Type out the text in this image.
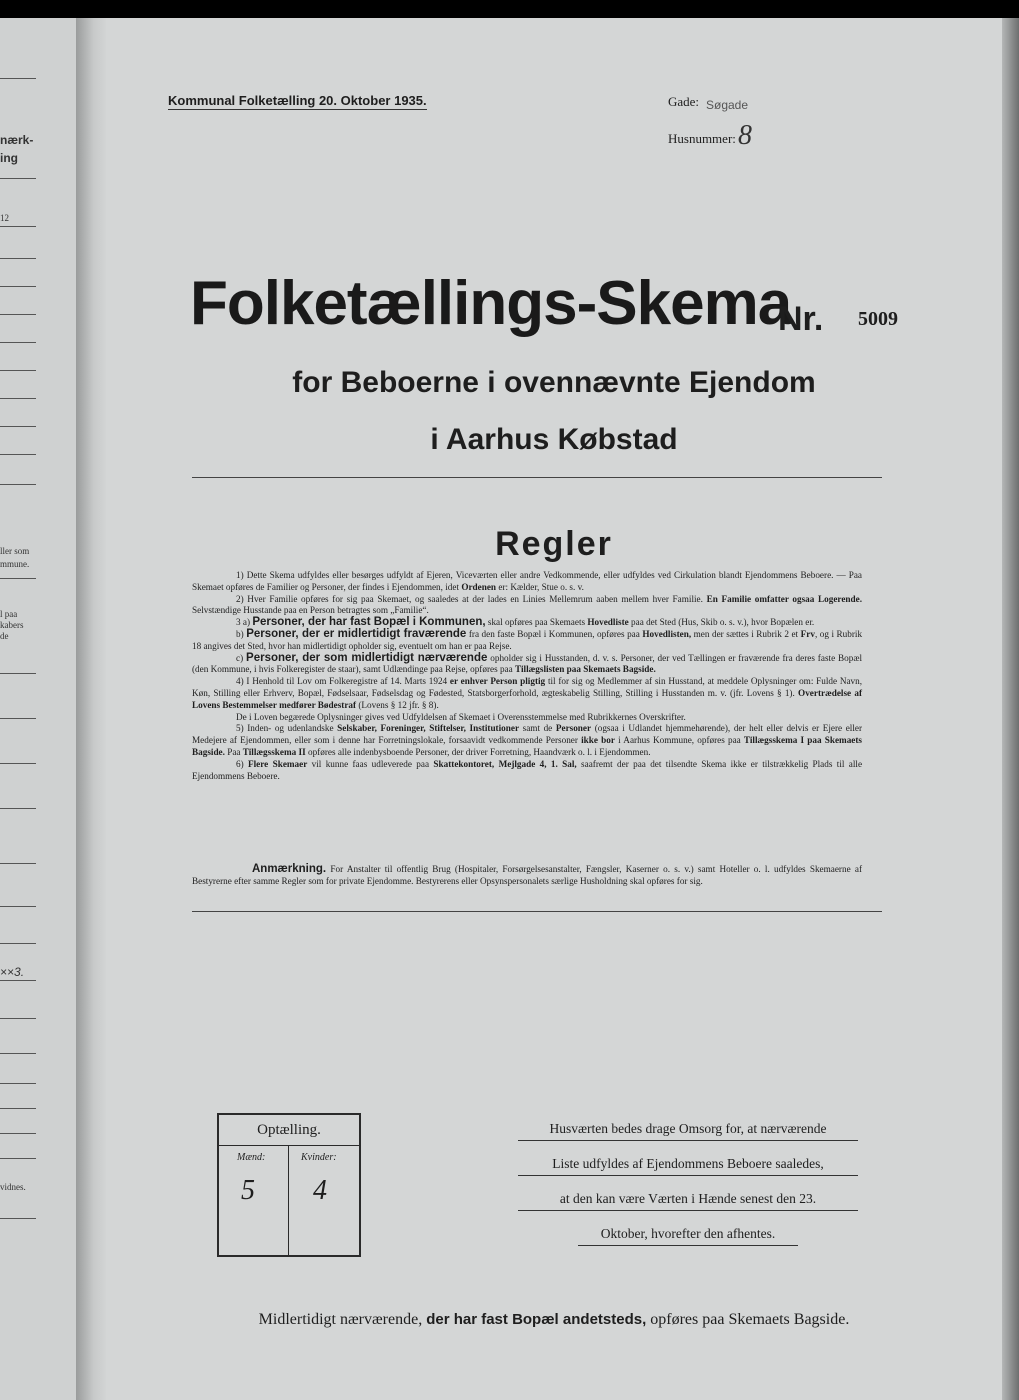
nærk-
ing
12
ller som
mmune.
l paa
kabers
de
××3.
vidnes.
Kommunal Folketælling 20. Oktober 1935.	Gade: Søgade
Husnummer: 8
Folketællings-Skema
Nr. 5009
for Beboerne i ovennævnte Ejendom
i Aarhus Købstad
Regler

1) Dette Skema udfyldes eller besørges udfyldt af Ejeren, Viceværten eller andre Vedkommende, eller udfyldes ved Cirkulation blandt Ejendommens Beboere. — Paa Skemaet opføres de Familier og Personer, der findes i Ejendommen, idet Ordenen er: Kælder, Stue o. s. v.

2) Hver Familie opføres for sig paa Skemaet, og saaledes at der lades en Linies Mellemrum aaben mellem hver Familie. En Familie omfatter ogsaa Logerende. Selvstændige Husstande paa en Person betragtes som „Familie“.

3 a) Personer, der har fast Bopæl i Kommunen, skal opføres paa Skemaets Hovedliste paa det Sted (Hus, Skib o. s. v.), hvor Bopælen er.

b) Personer, der er midlertidigt fraværende fra den faste Bopæl i Kommunen, opføres paa Hovedlisten, men der sættes i Rubrik 2 et Frv, og i Rubrik 18 angives det Sted, hvor han midlertidigt opholder sig, eventuelt om han er paa Rejse.

c) Personer, der som midlertidigt nærværende opholder sig i Husstanden, d. v. s. Personer, der ved Tællingen er fraværende fra deres faste Bopæl (den Kommune, i hvis Folkeregister de staar), samt Udlændinge paa Rejse, opføres paa Tillægslisten paa Skemaets Bagside.

4) I Henhold til Lov om Folkeregistre af 14. Marts 1924 er enhver Person pligtig til for sig og Medlemmer af sin Husstand, at meddele Oplysninger om: Fulde Navn, Køn, Stilling eller Erhverv, Bopæl, Fødselsaar, Fødselsdag og Fødested, Statsborgerforhold, ægteskabelig Stilling, Stilling i Husstanden m. v. (jfr. Lovens § 1). Overtrædelse af Lovens Bestemmelser medfører Bødestraf (Lovens § 12 jfr. § 8).

De i Loven begærede Oplysninger gives ved Udfyldelsen af Skemaet i Overensstemmelse med Rubrikkernes Overskrifter.

5) Inden- og udenlandske Selskaber, Foreninger, Stiftelser, Institutioner samt de Personer (ogsaa i Udlandet hjemmehørende), der helt eller delvis er Ejere eller Medejere af Ejendommen, eller som i denne har Forretningslokale, forsaavidt vedkommende Personer ikke bor i Aarhus Kommune, opføres paa Tillægsskema I paa Skemaets Bagside. Paa Tillægsskema II opføres alle indenbysboende Personer, der driver Forretning, Haandværk o. l. i Ejendommen.

6) Flere Skemaer vil kunne faas udleverede paa Skattekontoret, Mejlgade 4, 1. Sal, saafremt der paa det tilsendte Skema ikke er tilstrækkelig Plads til alle Ejendommens Beboere.

Anmærkning. For Anstalter til offentlig Brug (Hospitaler, Forsørgelsesanstalter, Fængsler, Kaserner o. s. v.) samt Hoteller o. l. udfyldes Skemaerne af Bestyrerne efter samme Regler som for private Ejendomme. Bestyrerens eller Opsynspersonalets særlige Husholdning skal opføres for sig.
Optælling.
Mænd:
5
Kvinder:
4
Husværten bedes drage Omsorg for, at nærværende
Liste udfyldes af Ejendommens Beboere saaledes,
at den kan være Værten i Hænde senest den 23.
Oktober, hvorefter den afhentes.
Midlertidigt nærværende, der har fast Bopæl andetsteds, opføres paa Skemaets Bagside.
